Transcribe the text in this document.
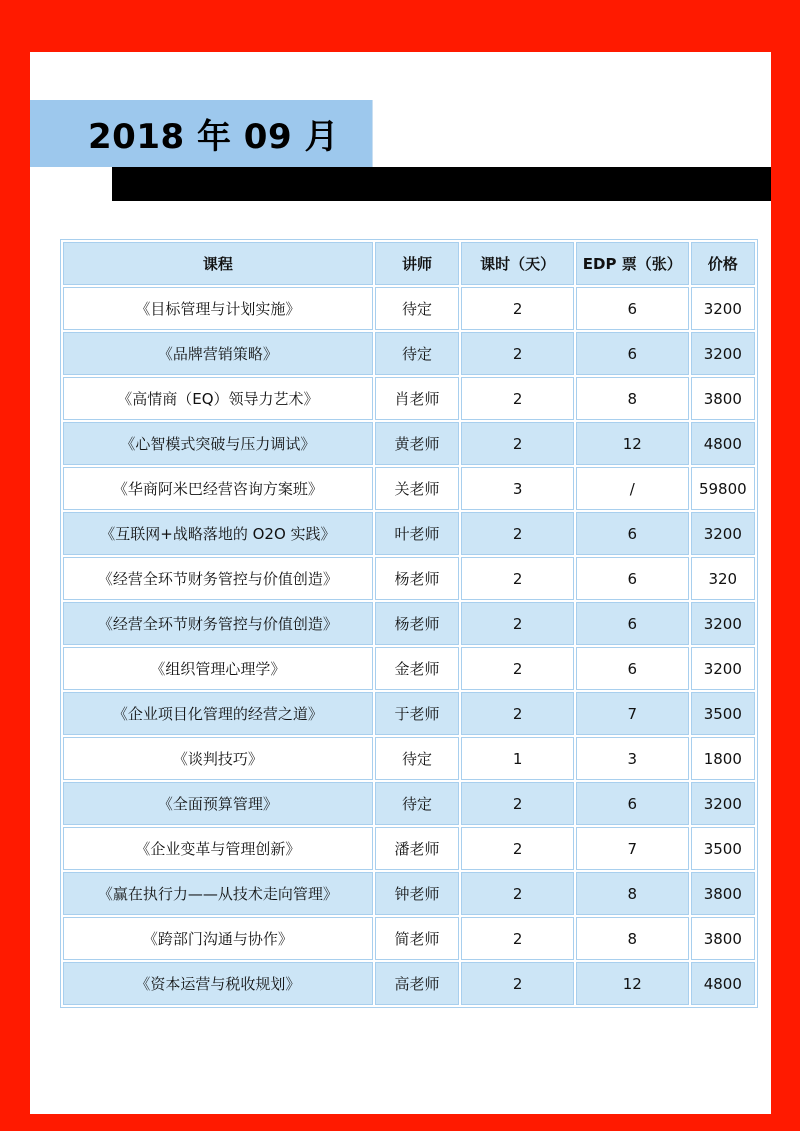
2018 年 09 月
课程	讲师	课时（天）	EDP 票（张）	价格
《目标管理与计划实施》	待定	2	6	3200
《品牌营销策略》	待定	2	6	3200
《高情商（EQ）领导力艺术》	肖老师	2	8	3800
《心智模式突破与压力调试》	黄老师	2	12	4800
《华商阿米巴经营咨询方案班》	关老师	3	/	59800
《互联网+战略落地的 O2O 实践》	叶老师	2	6	3200
《经营全环节财务管控与价值创造》	杨老师	2	6	320
《经营全环节财务管控与价值创造》	杨老师	2	6	3200
《组织管理心理学》	金老师	2	6	3200
《企业项目化管理的经营之道》	于老师	2	7	3500
《谈判技巧》	待定	1	3	1800
《全面预算管理》	待定	2	6	3200
《企业变革与管理创新》	潘老师	2	7	3500
《赢在执行力——从技术走向管理》	钟老师	2	8	3800
《跨部门沟通与协作》	简老师	2	8	3800
《资本运营与税收规划》	高老师	2	12	4800
